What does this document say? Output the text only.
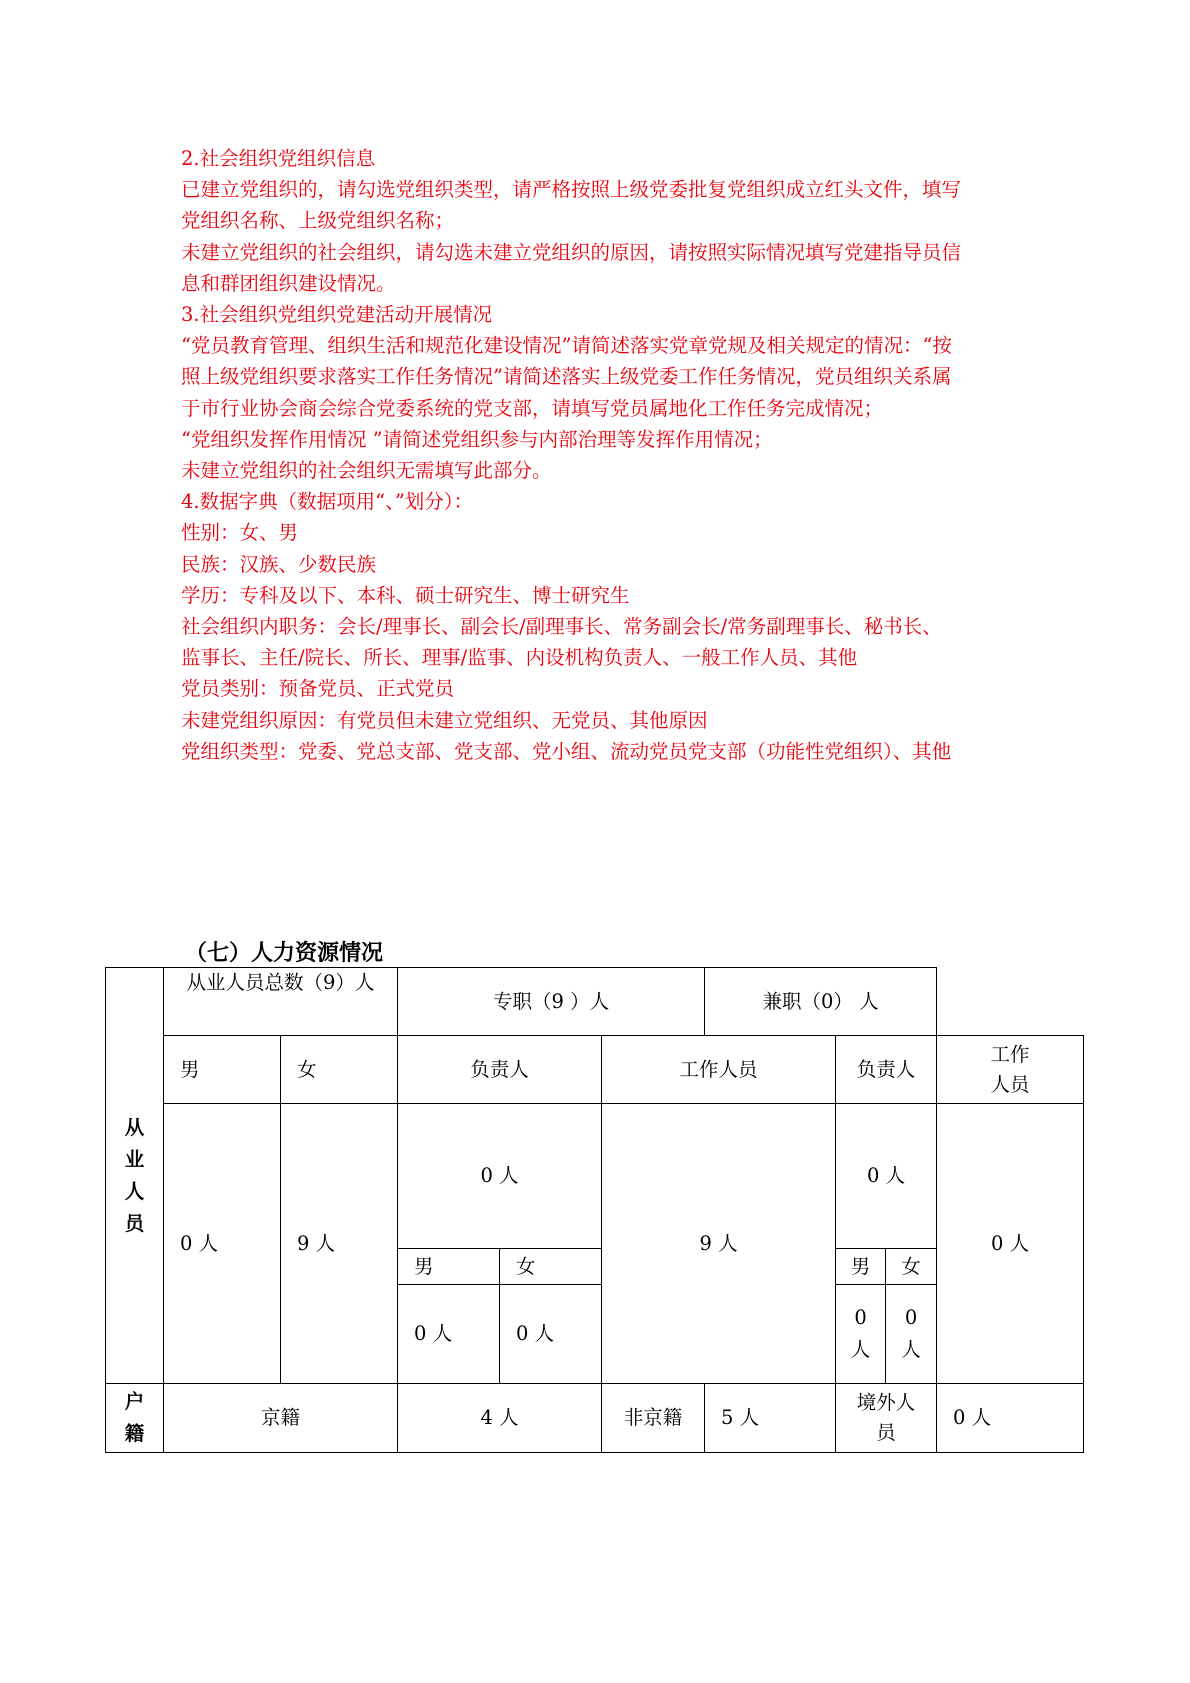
2.社会组织党组织信息

已建立党组织的，请勾选党组织类型，请严格按照上级党委批复党组织成立红头文件，填写

党组织名称、上级党组织名称；

未建立党组织的社会组织，请勾选未建立党组织的原因，请按照实际情况填写党建指导员信

息和群团组织建设情况。

3.社会组织党组织党建活动开展情况

“党员教育管理、组织生活和规范化建设情况”请简述落实党章党规及相关规定的情况：“按

照上级党组织要求落实工作任务情况”请简述落实上级党委工作任务情况，党员组织关系属

于市行业协会商会综合党委系统的党支部，请填写党员属地化工作任务完成情况；

“党组织发挥作用情况 ”请简述党组织参与内部治理等发挥作用情况；

未建立党组织的社会组织无需填写此部分。

4.数据字典（数据项用“、”划分）：

性别：女、男

民族：汉族、少数民族

学历：专科及以下、本科、硕士研究生、博士研究生

社会组织内职务：会长/理事长、副会长/副理事长、常务副会长/常务副理事长、秘书长、

监事长、主任/院长、所长、理事/监事、内设机构负责人、一般工作人员、其他

党员类别：预备党员、正式党员

未建党组织原因：有党员但未建立党组织、无党员、其他原因

党组织类型：党委、党总支部、党支部、党小组、流动党员党支部（功能性党组织）、其他

（七）人力资源情况
从业人员	从业人员总数（9）人		专职（9 ）人			兼职（0） 人			
	男	女	负责人		工作人员		负责人		工作人员
	0 人	9 人	0 人		9 人		0 人		0 人
			男	女			男	女	
			0 人	0 人			0 人	0 人	
户籍	京籍		4 人		非京籍	5 人	境外人员		0 人
